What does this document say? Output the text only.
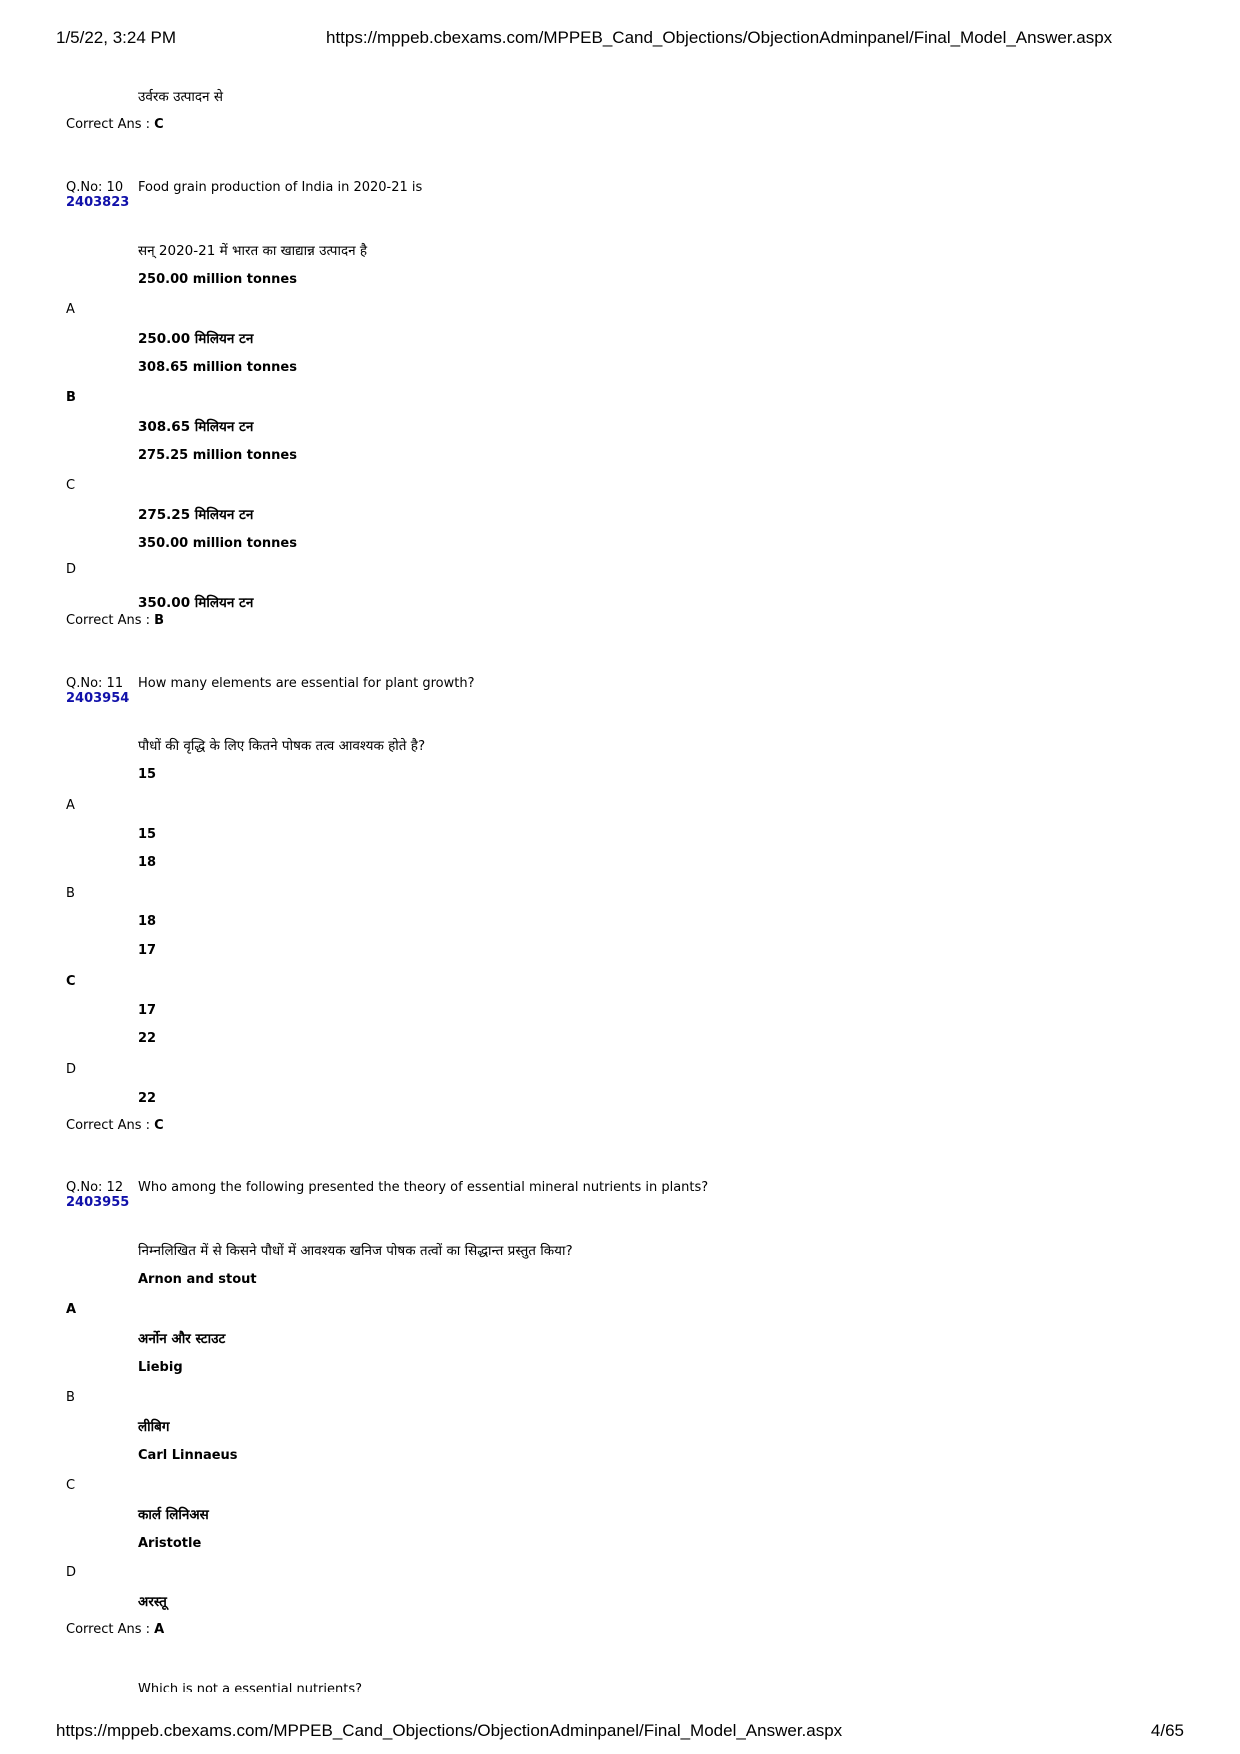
1/5/22, 3:24 PM	https://mppeb.cbexams.com/MPPEB_Cand_Objections/ObjectionAdminpanel/Final_Model_Answer.aspx
उर्वरक उत्पादन से
Correct Ans : C
Q.No: 10
2403823
Food grain production of India in 2020-21 is
सन् 2020-21 में भारत का खाद्यान्न उत्पादन है
250.00 million tonnes
A
250.00 मिलियन टन
308.65 million tonnes
B
308.65 मिलियन टन
275.25 million tonnes
C
275.25 मिलियन टन
350.00 million tonnes
D
350.00 मिलियन टन
Correct Ans : B
Q.No: 11
2403954
How many elements are essential for plant growth?
पौधों की वृद्धि के लिए कितने पोषक तत्व आवश्यक होते है?
15
A
15
18
B
18
17
C
17
22
D
22
Correct Ans : C
Q.No: 12
2403955
Who among the following presented the theory of essential mineral nutrients in plants?
निम्नलिखित में से किसने पौधों में आवश्यक खनिज पोषक तत्वों का सिद्धान्त प्रस्तुत किया?
Arnon and stout
A
अर्नोन और स्टाउट
Liebig
B
लीबिग
Carl Linnaeus
C
कार्ल लिनिअस
Aristotle
D
अरस्तू
Correct Ans : A
Which is not a essential nutrients?
https://mppeb.cbexams.com/MPPEB_Cand_Objections/ObjectionAdminpanel/Final_Model_Answer.aspx	4/65
